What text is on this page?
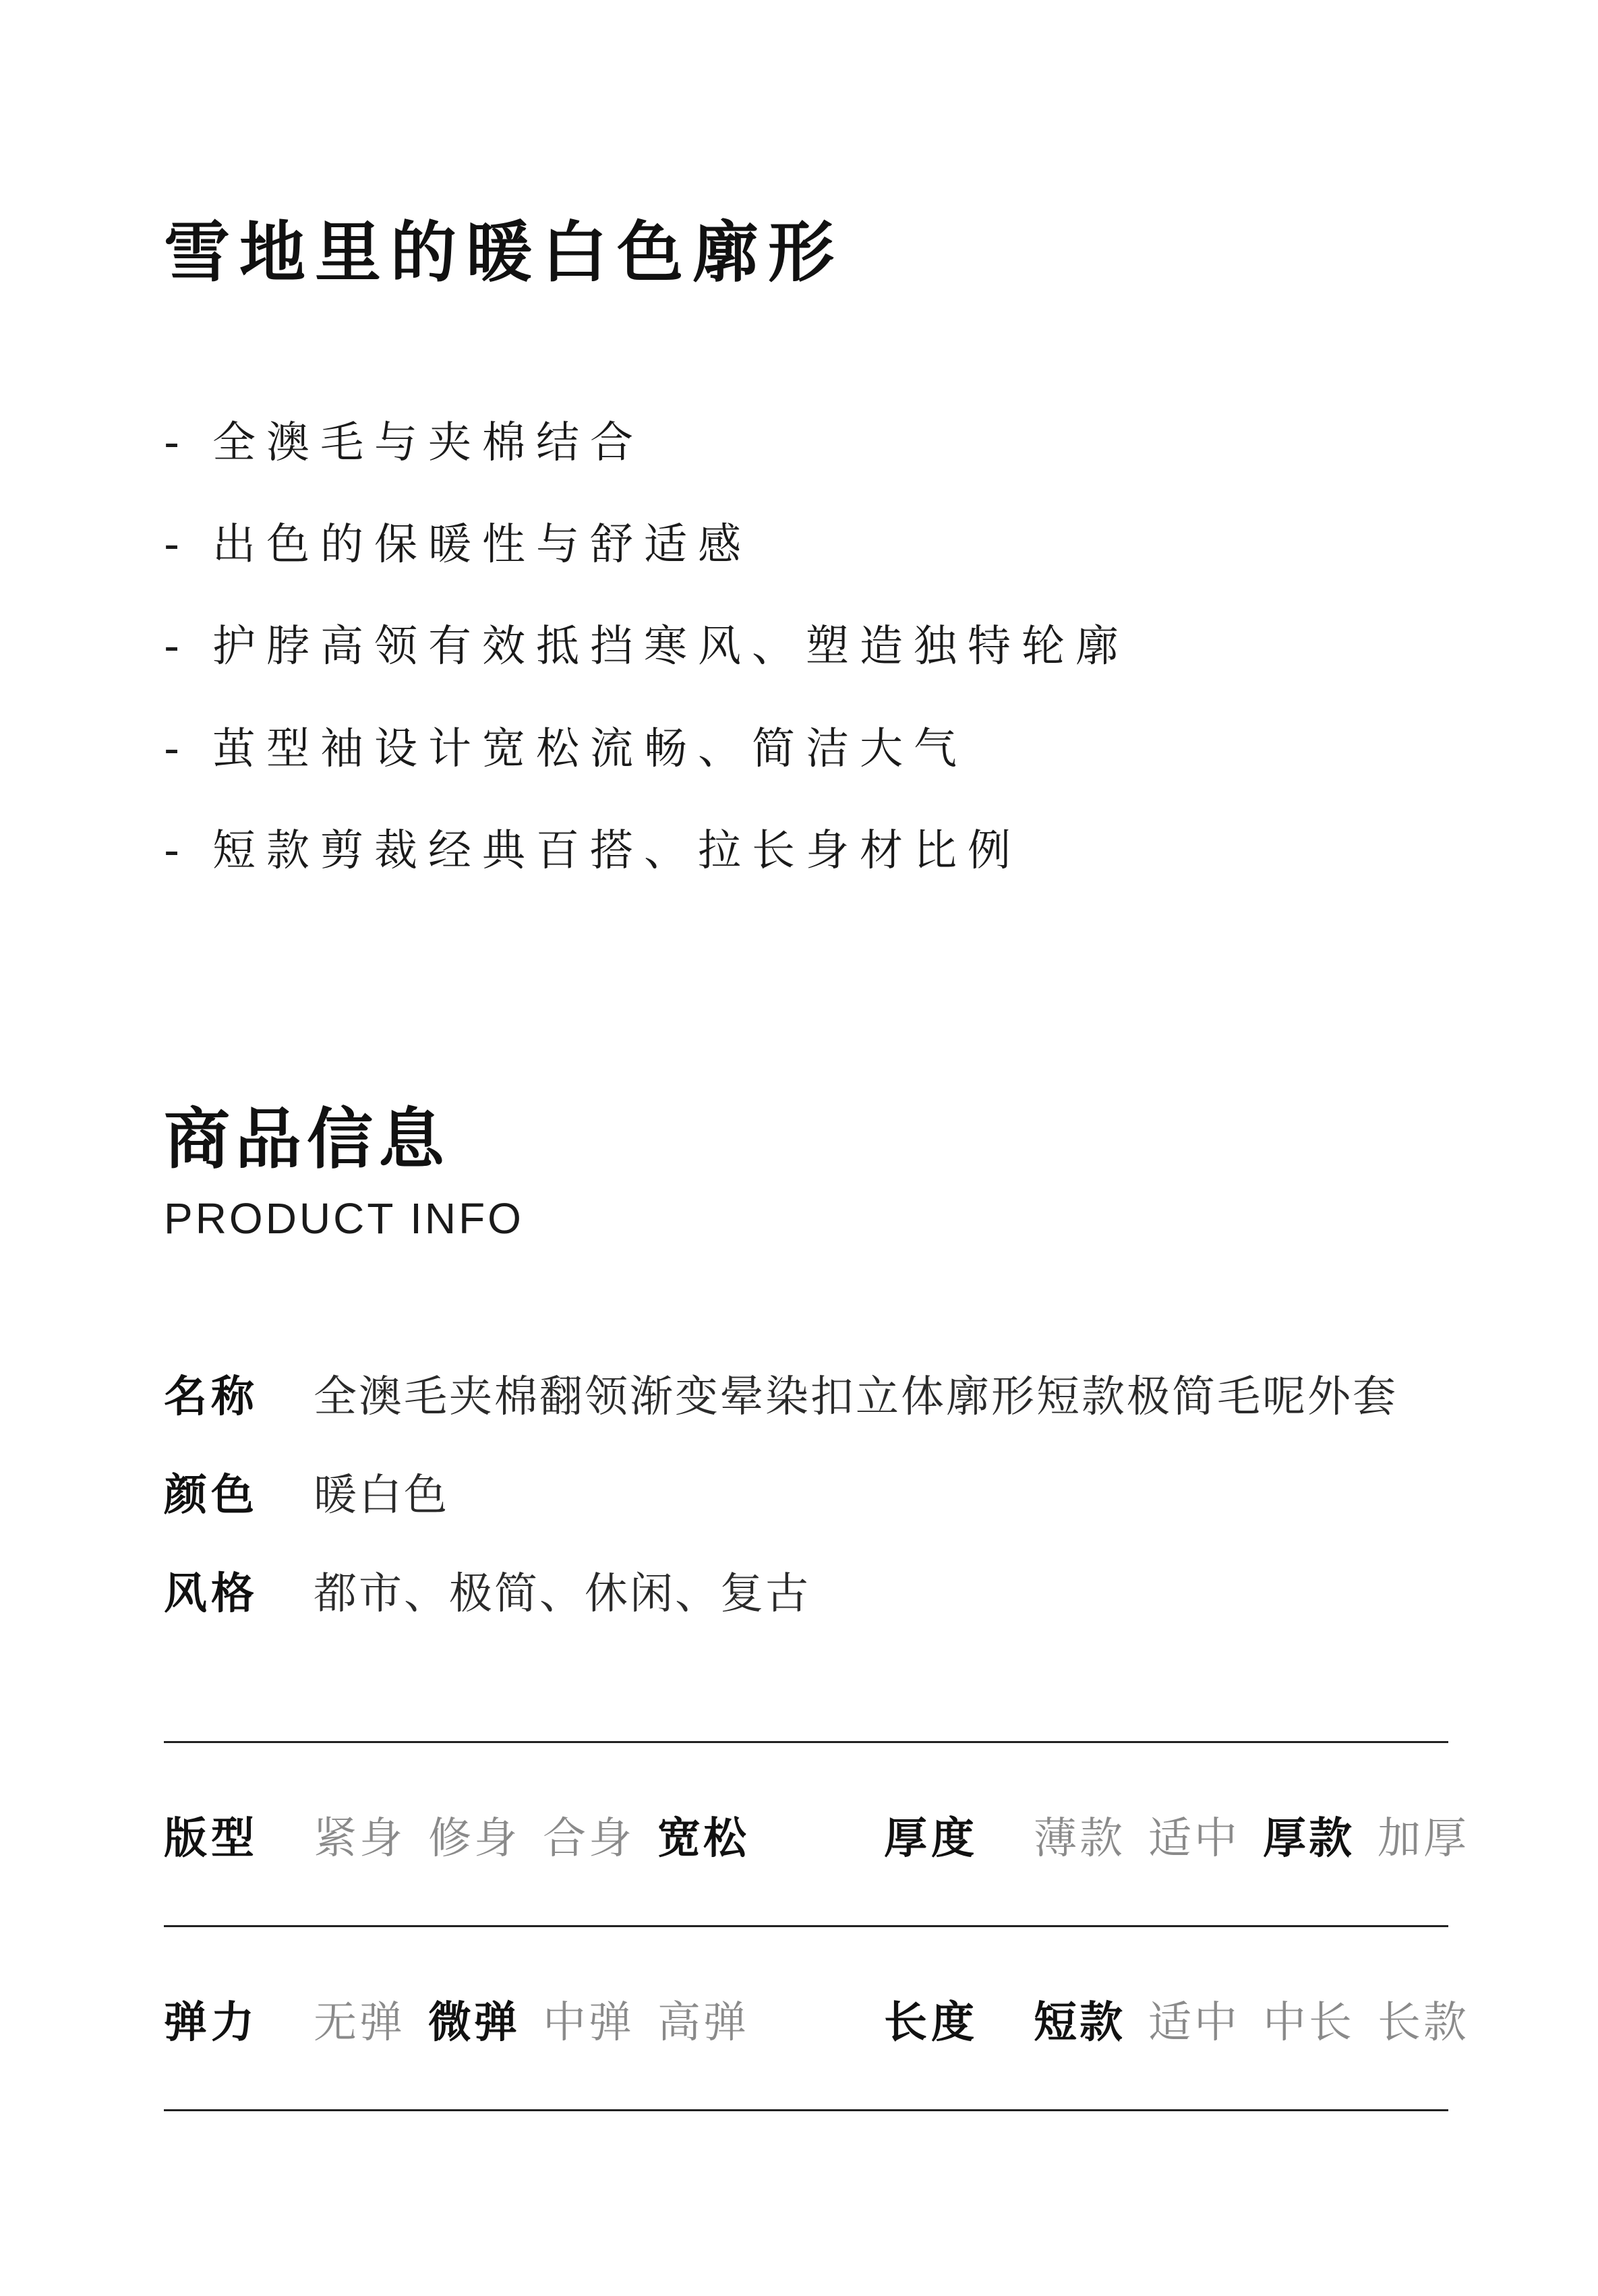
雪地里的暖白色廓形
- 全澳毛与夹棉结合
- 出色的保暖性与舒适感
- 护脖高领有效抵挡寒风、塑造独特轮廓
- 茧型袖设计宽松流畅、简洁大气
- 短款剪裁经典百搭、拉长身材比例
商品信息
PRODUCT INFO
名称 全澳毛夹棉翻领渐变晕染扣立体廓形短款极简毛呢外套
颜色 暖白色
风格 都市、极简、休闲、复古
版型 紧身 修身 合身 宽松	厚度 薄款 适中 厚款 加厚
弹力 无弹 微弹 中弹 高弹	长度 短款 适中 中长 长款
